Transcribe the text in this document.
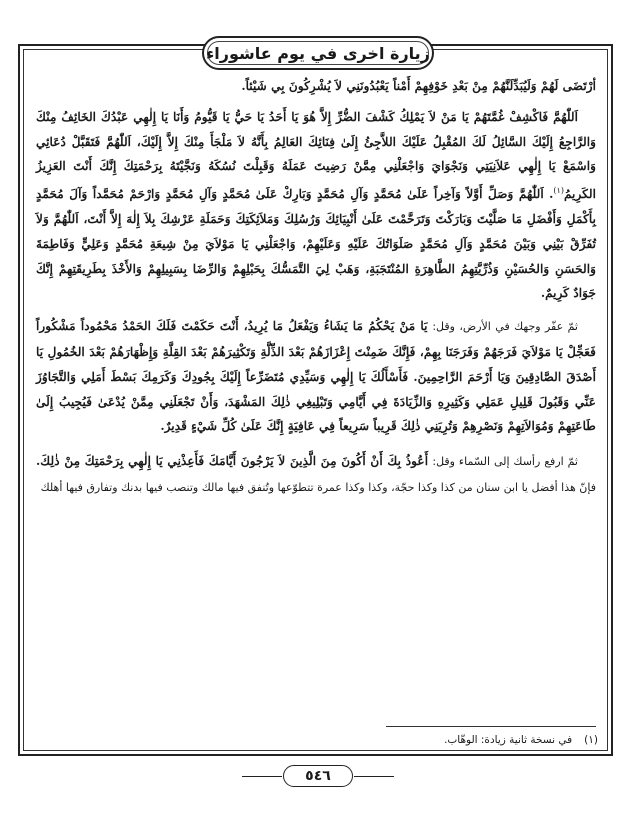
زيارة اخرى في يوم عاشوراء

أرْتَضَى لَهُمْ وَلَيُبَدِّلَنَّهُمْ مِنْ بَعْدِ خَوْفِهِمْ أَمْناً يَعْبُدُونَنِي لاَ يُشْرِكُونَ بِي شَيْئاً.

اَللّٰهُمَّ فَاكْشِفْ غُمَّتَهُمْ يَا مَنْ لاَ يَمْلِكُ كَشْفَ الضُّرِّ إِلاَّ هُوَ يَا أَحَدُ يَا حَيُّ يَا قَيُّومُ وَأَنَا يَا إِلٰهِي عَبْدُكَ الخَائِفُ مِنْكَ وَالرَّاجِعُ إِلَيْكَ السَّائِلُ لَكَ المُقْبِلُ عَلَيْكَ اللاَّجِئُ إِلَىٰ فِنَائِكَ العَالِمُ بِأَنَّهُ لاَ مَلْجَأَ مِنْكَ إِلاَّ إِلَيْكَ، اَللّٰهُمَّ فَتَقَبَّلْ دُعَائِي وَاسْمَعْ يَا إِلٰهِي عَلاَنِيَتِي وَنَجْوَايَ وَاجْعَلْنِي مِمَّنْ رَضِيتَ عَمَلَهُ وَقَبِلْتَ نُسُكَهُ وَنَجَّيْتَهُ بِرَحْمَتِكَ إِنَّكَ أَنْتَ العَزِيزُ الكَرِيمُ$^{(١)}$. اَللّٰهُمَّ وَصَلِّ أَوَّلاً وَآخِراً عَلَىٰ مُحَمَّدٍ وَآلِ مُحَمَّدٍ وَبَارِكْ عَلَىٰ مُحَمَّدٍ وَآلِ مُحَمَّدٍ وَارْحَمْ مُحَمَّداً وَآلَ مُحَمَّدٍ بِأَكْمَلِ وَأَفْضَلِ مَا صَلَّيْتَ وَبَارَكْتَ وَتَرَحَّمْتَ عَلَىٰ أَنْبِيَائِكَ وَرُسُلِكَ وَمَلاَئِكَتِكَ وَحَمَلَةِ عَرْشِكَ بِلاَ إِلٰهَ إِلاَّ أَنْتَ، اَللّٰهُمَّ وَلاَ تُفَرِّقْ بَيْنِي وَبَيْنَ مُحَمَّدٍ وَآلِ مُحَمَّدٍ صَلَوَاتُكَ عَلَيْهِ وَعَلَيْهِمْ، وَاجْعَلْنِي يَا مَوْلاَيَ مِنْ شِيعَةِ مُحَمَّدٍ وَعَلِيٍّ وَفَاطِمَةَ وَالحَسَنِ وَالحُسَيْنِ وَذُرِّيَّتِهِمُ الطَّاهِرَةِ المُنْتَجَبَةِ، وَهَبْ لِيَ التَّمَسُّكَ بِحَبْلِهِمْ وَالرِّضَا بِسَبِيلِهِمْ وَالأَخْذَ بِطَرِيقَتِهِمْ إِنَّكَ جَوَادٌ كَرِيمٌ.

ثمّ عفّر وجهك في الأرض، وقل: يَا مَنْ يَحْكُمُ مَا يَشَاءُ وَيَفْعَلُ مَا يُرِيدُ، أَنْتَ حَكَمْتَ فَلَكَ الحَمْدُ مَحْمُوداً مَشْكُوراً فَعَجِّلْ يَا مَوْلاَيَ فَرَجَهُمْ وَفَرَجَنَا بِهِمْ، فَإِنَّكَ ضَمِنْتَ إِعْزَازَهُمْ بَعْدَ الذِّلَّةِ وَتَكْثِيرَهُمْ بَعْدَ القِلَّةِ وَإِظْهَارَهُمْ بَعْدَ الخُمُولِ يَا أَصْدَقَ الصَّادِقِينَ وَيَا أَرْحَمَ الرَّاحِمِينَ. فَأَسْأَلُكَ يَا إِلٰهِي وَسَيِّدِي مُتَضَرِّعاً إِلَيْكَ بِجُودِكَ وَكَرَمِكَ بَسْطَ أَمَلِي وَالتَّجَاوُزَ عَنِّي وَقَبُولَ قَلِيلِ عَمَلِي وَكَثِيرِهِ وَالزِّيَادَةَ فِي أَيَّامِي وَتَبْلِيغِي ذٰلِكَ المَشْهَدَ، وَأَنْ تَجْعَلَنِي مِمَّنْ يُدْعَىٰ فَيُجِيبُ إِلَىٰ طَاعَتِهِمْ وَمُوَالاَتِهِمْ وَنَصْرِهِمْ وَتُرِيَنِي ذٰلِكَ قَرِيباً سَرِيعاً فِي عَافِيَةٍ إِنَّكَ عَلَىٰ كُلِّ شَيْءٍ قَدِيرٌ.

ثمّ ارفع رأسك إلى السّماء وقل: أَعُوذُ بِكَ أَنْ أَكُونَ مِنَ الَّذِينَ لاَ يَرْجُونَ أَيَّامَكَ فَأَعِذْنِي يَا إِلٰهِي بِرَحْمَتِكَ مِنْ ذٰلِكَ. فإنّ هذا أفضل يا ابن سنان من كذا وكذا حجّة، وكذا وكذا عمرة تتطوّعها وتُنفق فيها مالك وتنصب فيها بدنك وتفارق فيها أهلك

(١)في نسخة ثانية زيادة: الوهّاب.
٥٤٦
